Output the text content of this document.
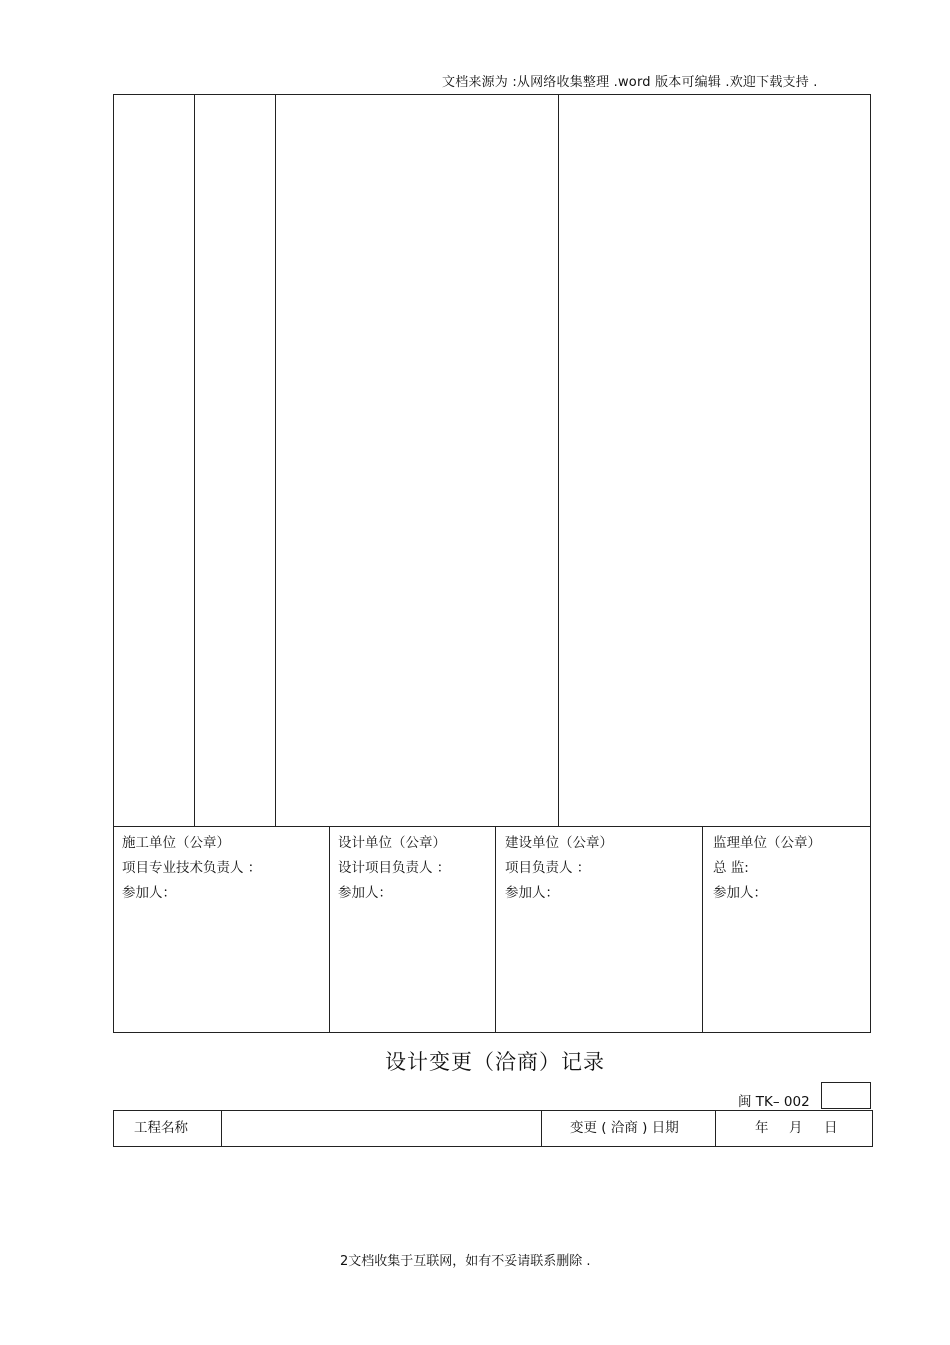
文档来源为 :从网络收集整理 .word 版本可编辑 .欢迎下载支持 .
施工单位（公章）
项目专业技术负责人 ：
参加人：
设计单位（公章）
设计项目负责人 ：
参加人：
建设单位（公章）
项目负责人 ：
参加人：
监理单位（公章）
总 监:
参加人：
设计变更（洽商）记录
闽 TK– 002
工程名称	变更 ( 洽商 ) 日期	年 月 日
2文档收集于互联网，如有不妥请联系删除 .
